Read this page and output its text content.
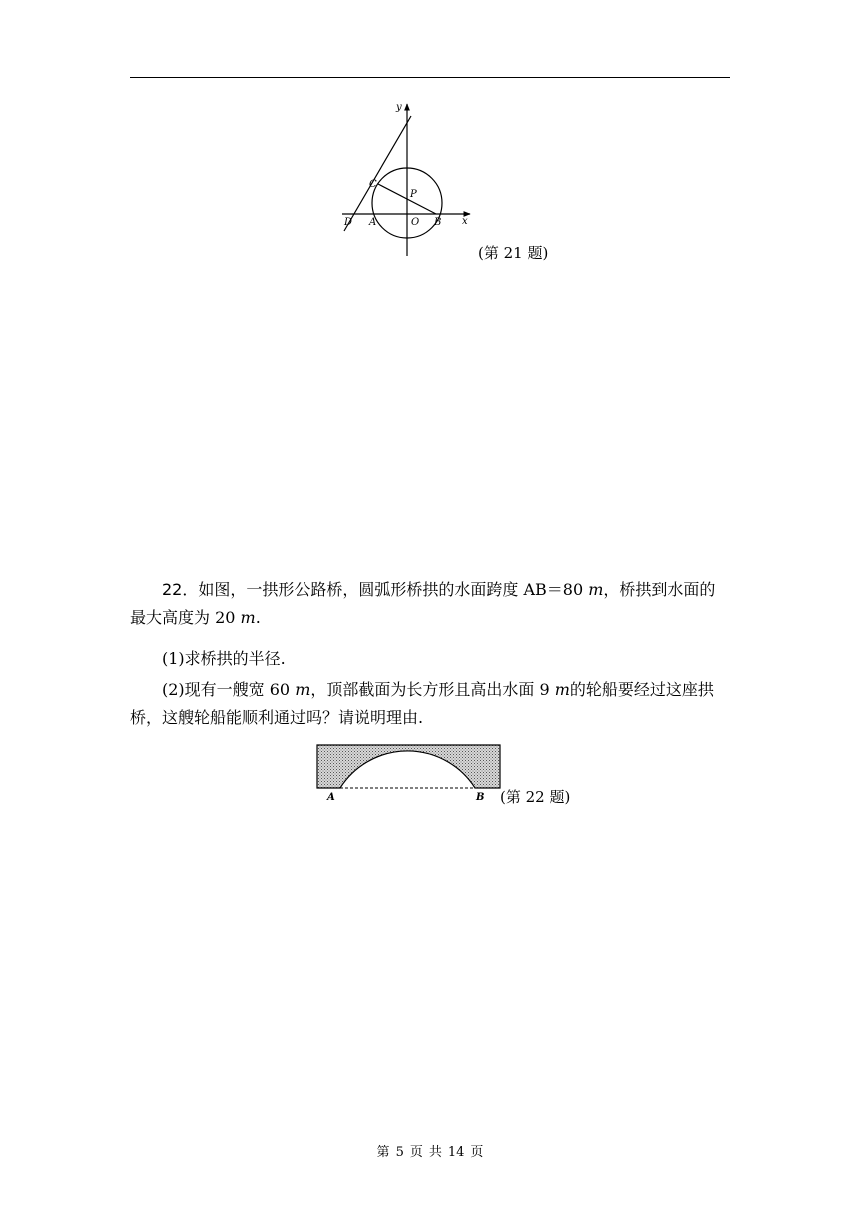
y
x
C
P
D A	O B
(第 21 题)
22．如图，一拱形公路桥，圆弧形桥拱的水面跨度 AB＝80 m，桥拱到水面的最大高度为 20 m.
(1)求桥拱的半径.
(2)现有一艘宽 60 m，顶部截面为长方形且高出水面 9 m的轮船要经过这座拱桥，这艘轮船能顺利通过吗？请说明理由.
A	B (第 22 题)
第 5 页 共 14 页
